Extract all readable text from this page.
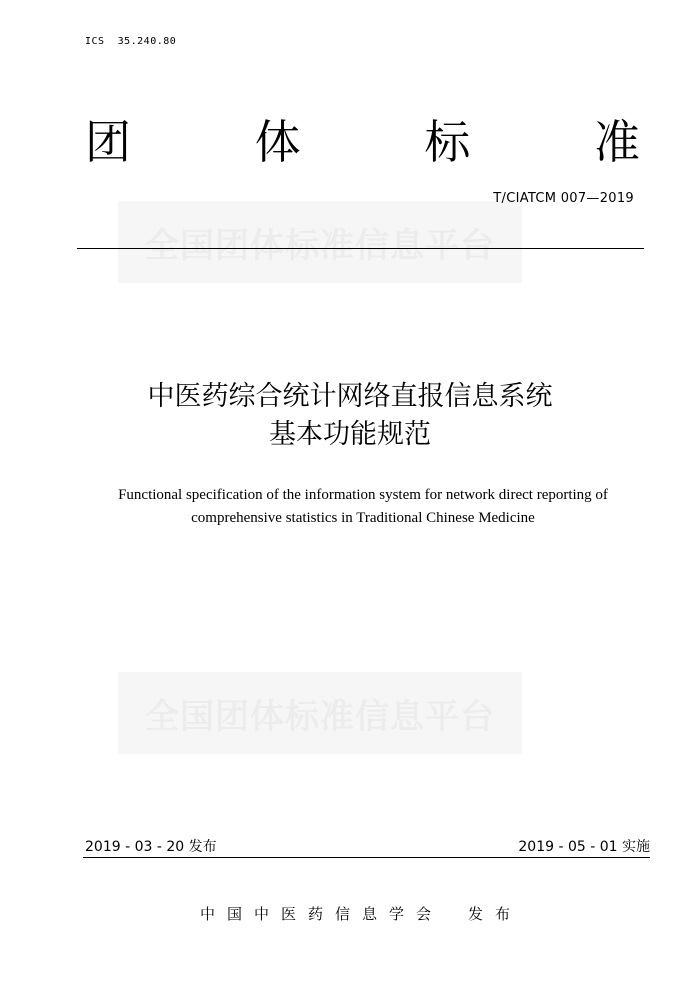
ICS  35.240.80
团	体	标	准
全国团体标准信息平台
T/CIATCM 007—2019
中医药综合统计网络直报信息系统
基本功能规范
Functional specification of the information system for network direct reporting of
comprehensive statistics in Traditional Chinese Medicine
全国团体标准信息平台
2019 - 03 - 20 发布	2019 - 05 - 01 实施
中国中医药信息学会 发布
